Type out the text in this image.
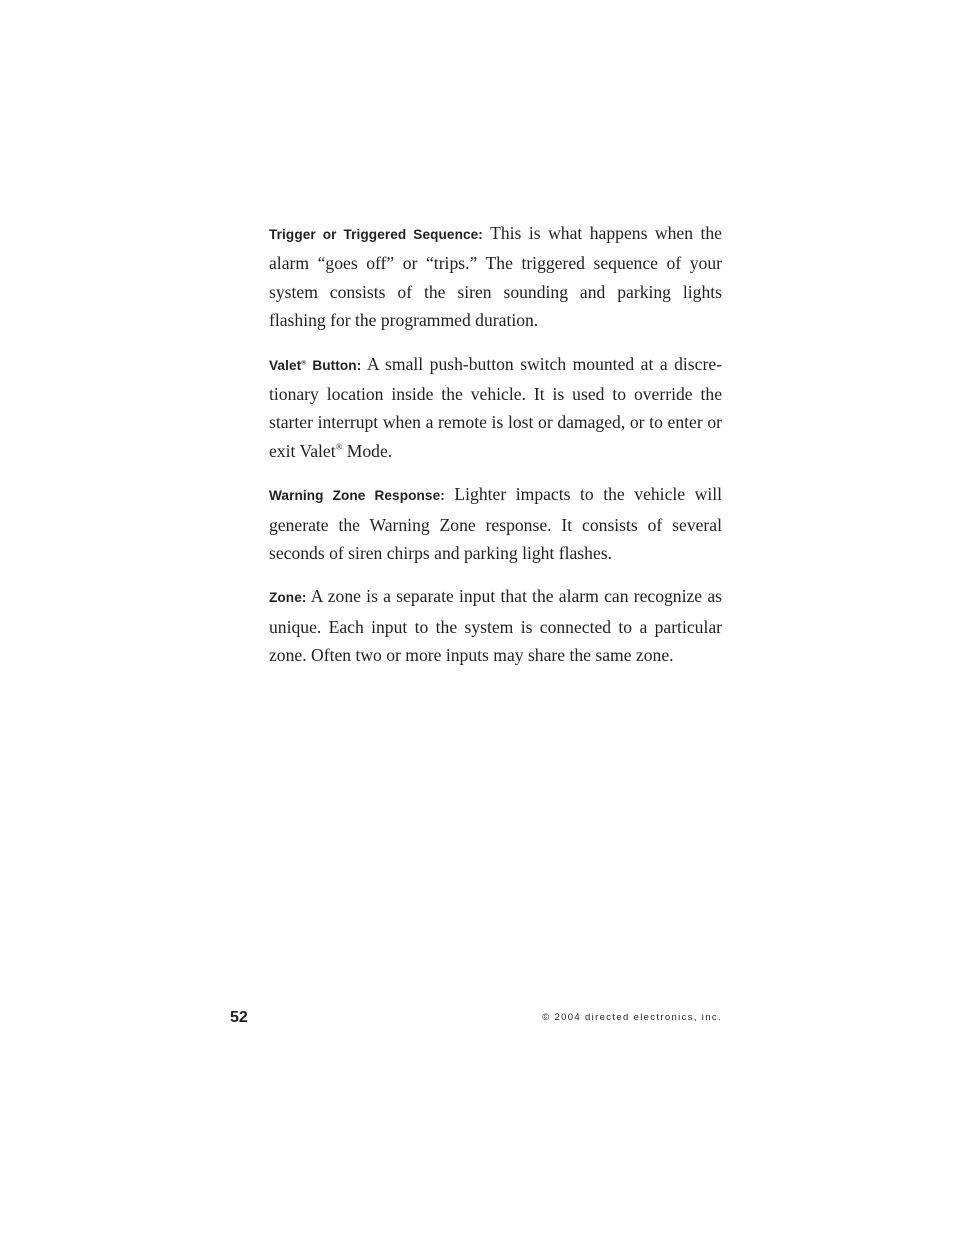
Trigger or Triggered Sequence: This is what happens when the alarm “goes off” or “trips.” The triggered sequence of your system consists of the siren sounding and parking lights flashing for the programmed duration.

Valet® Button: A small push-button switch mounted at a discre-tionary location inside the vehicle. It is used to override the starter interrupt when a remote is lost or damaged, or to enter or exit Valet® Mode.

Warning Zone Response: Lighter impacts to the vehicle will generate the Warning Zone response. It consists of several seconds of siren chirps and parking light flashes.

Zone: A zone is a separate input that the alarm can recognize as unique. Each input to the system is connected to a particular zone. Often two or more inputs may share the same zone.

52	© 2004 directed electronics, inc.
